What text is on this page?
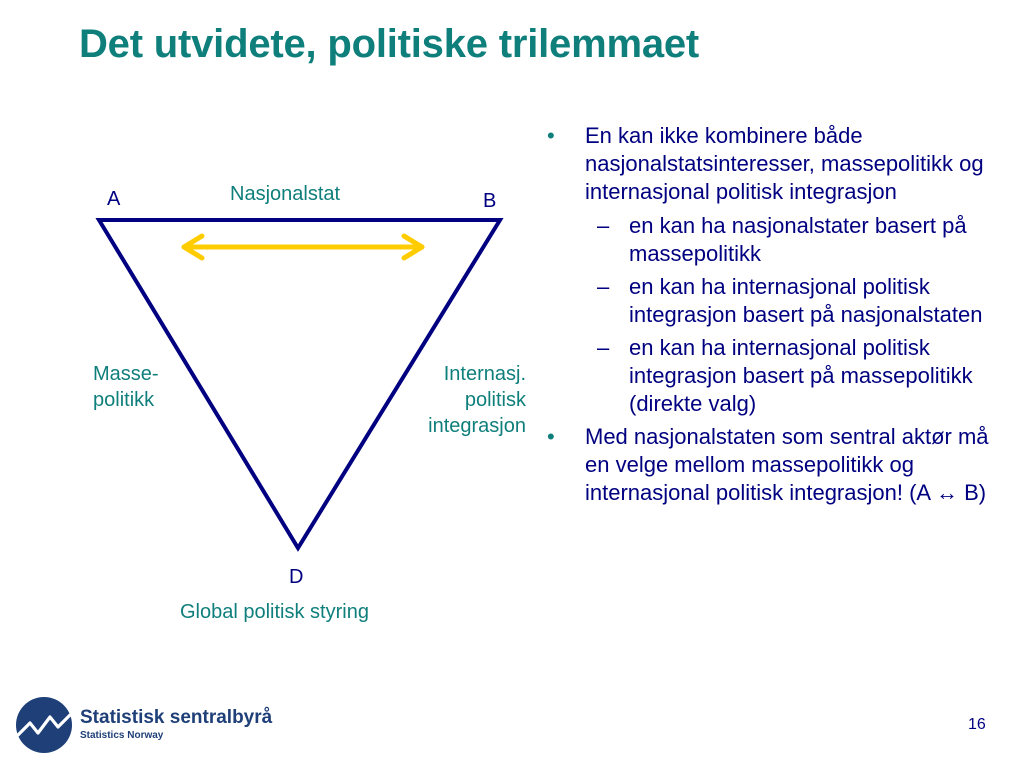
Det utvidete, politiske trilemmaet
A	B
D
Nasjonalstat
Masse-
politikk
Internasj.
politisk
integrasjon
Global politisk styring
• En kan ikke kombinere både nasjonalstatsinteresser, massepolitikk og internasjonal politisk integrasjon
– en kan ha nasjonalstater basert på massepolitikk
– en kan ha internasjonal politisk integrasjon basert på nasjonalstaten
– en kan ha internasjonal politisk integrasjon basert på massepolitikk (direkte valg)
• Med nasjonalstaten som sentral aktør må en velge mellom massepolitikk og internasjonal politisk integrasjon! (A ↔ B)
Statistisk sentralbyrå
Statistics Norway
16
